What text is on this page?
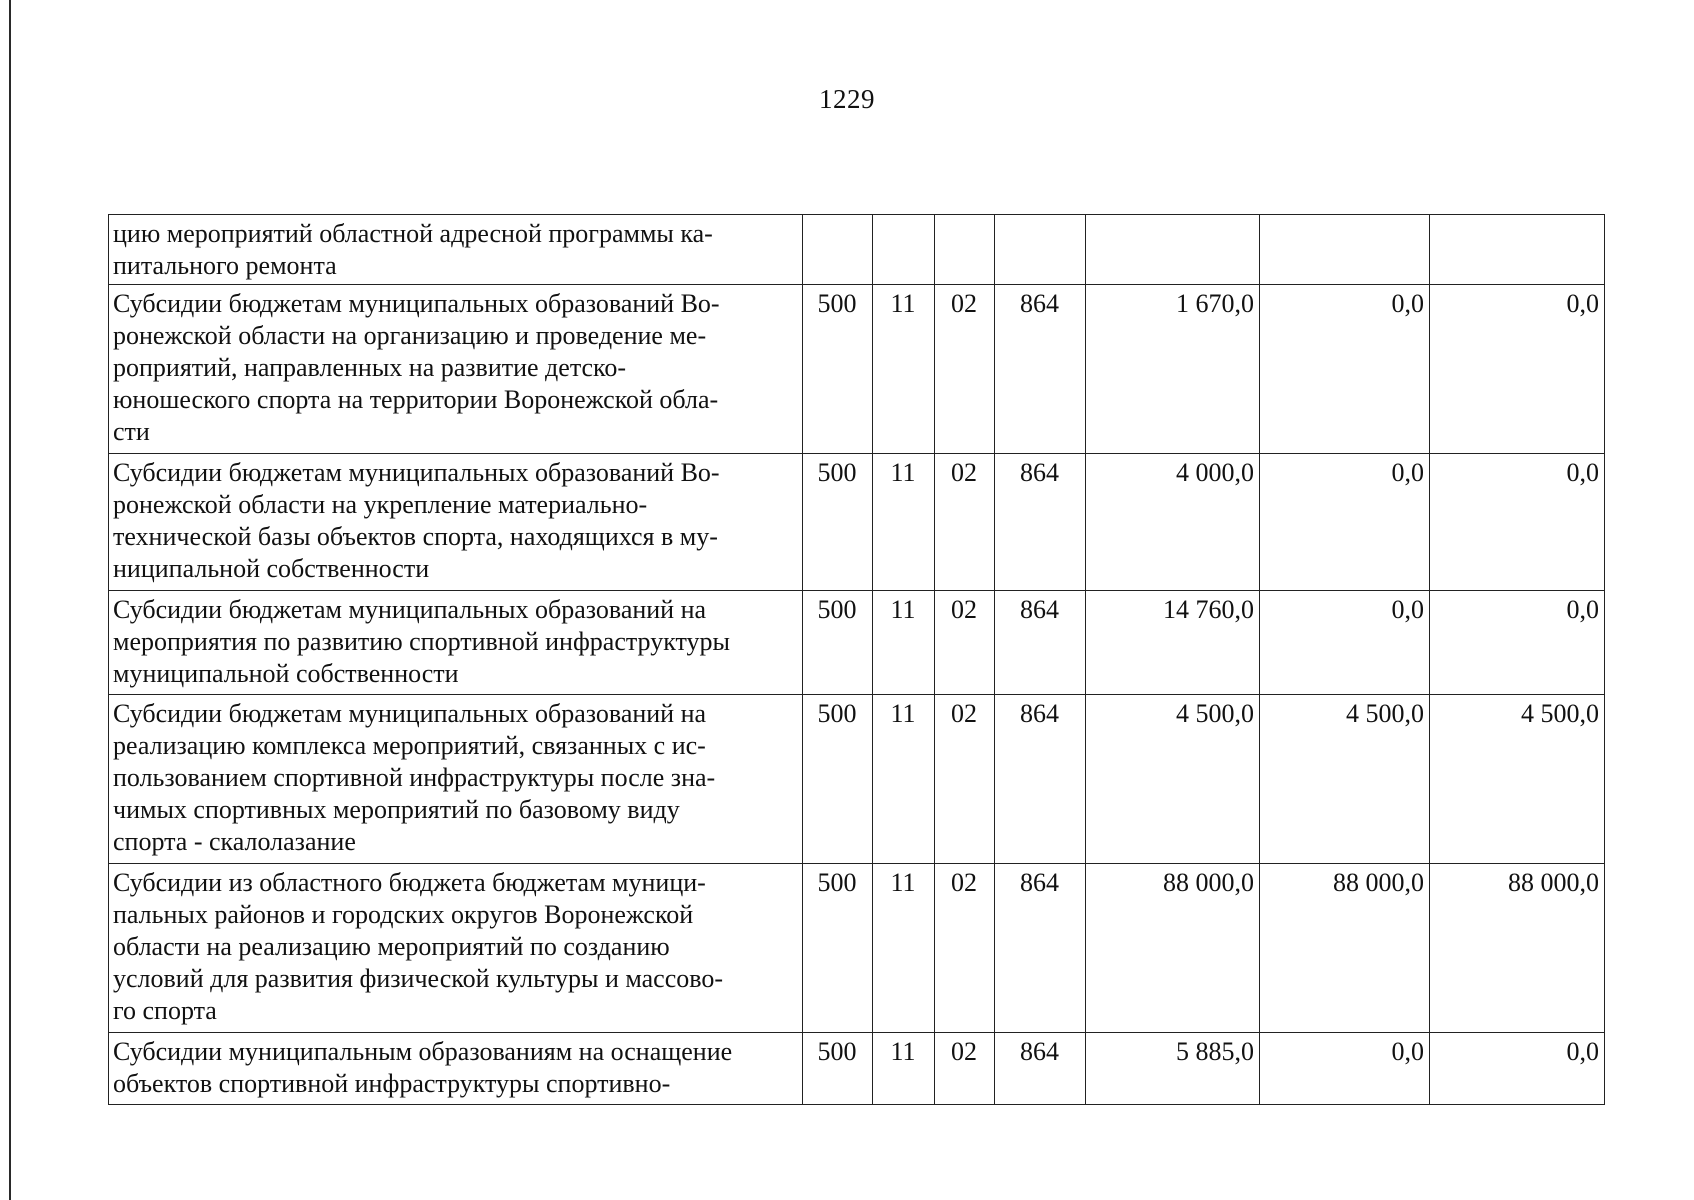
1229
цию мероприятий областной адресной программы ка-
питального ремонта							
Субсидии бюджетам муниципальных образований Во-
ронежской области на организацию и проведение ме-
роприятий, направленных на развитие детско-
юношеского спорта на территории Воронежской обла-
сти	500	11	02	864	1 670,0	0,0	0,0
Субсидии бюджетам муниципальных образований Во-
ронежской области на укрепление материально-
технической базы объектов спорта, находящихся в му-
ниципальной собственности	500	11	02	864	4 000,0	0,0	0,0
Субсидии бюджетам муниципальных образований на
мероприятия по развитию спортивной инфраструктуры
муниципальной собственности	500	11	02	864	14 760,0	0,0	0,0
Субсидии бюджетам муниципальных образований на
реализацию комплекса мероприятий, связанных с ис-
пользованием спортивной инфраструктуры после зна-
чимых спортивных мероприятий по базовому виду
спорта - скалолазание	500	11	02	864	4 500,0	4 500,0	4 500,0
Субсидии из областного бюджета бюджетам муници-
пальных районов и городских округов Воронежской
области на реализацию мероприятий по созданию
условий для развития физической культуры и массово-
го спорта	500	11	02	864	88 000,0	88 000,0	88 000,0
Субсидии муниципальным образованиям на оснащение
объектов спортивной инфраструктуры спортивно-	500	11	02	864	5 885,0	0,0	0,0
